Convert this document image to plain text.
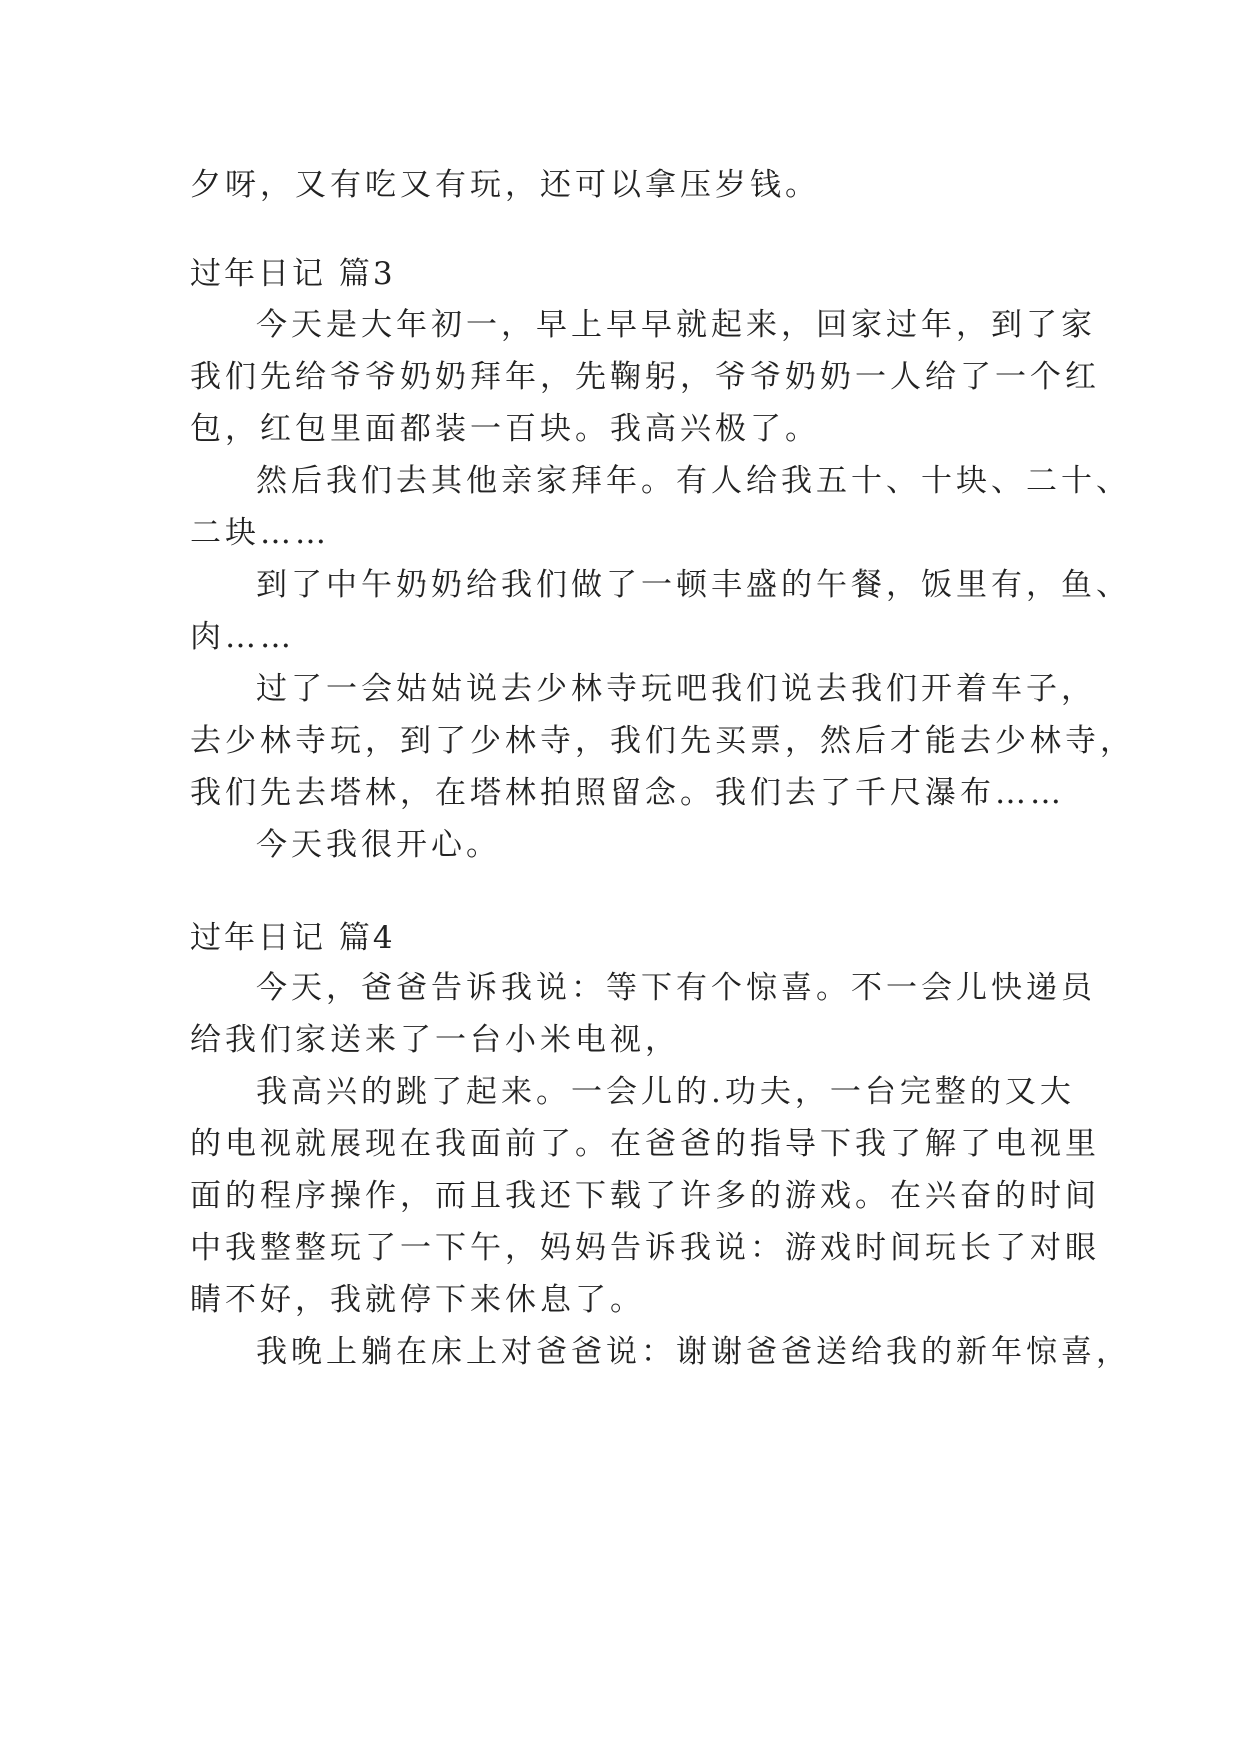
夕呀，又有吃又有玩，还可以拿压岁钱。
过年日记 篇3
今天是大年初一，早上早早就起来，回家过年，到了家
我们先给爷爷奶奶拜年，先鞠躬，爷爷奶奶一人给了一个红
包，红包里面都装一百块。我高兴极了。
然后我们去其他亲家拜年。有人给我五十、十块、二十、
二块……
到了中午奶奶给我们做了一顿丰盛的午餐，饭里有，鱼、
肉……
过了一会姑姑说去少林寺玩吧我们说去我们开着车子，
去少林寺玩，到了少林寺，我们先买票，然后才能去少林寺，
我们先去塔林，在塔林拍照留念。我们去了千尺瀑布……
今天我很开心。
过年日记 篇4
今天，爸爸告诉我说：等下有个惊喜。不一会儿快递员
给我们家送来了一台小米电视，
我高兴的跳了起来。一会儿的.功夫，一台完整的又大
的电视就展现在我面前了。在爸爸的指导下我了解了电视里
面的程序操作，而且我还下载了许多的游戏。在兴奋的时间
中我整整玩了一下午，妈妈告诉我说：游戏时间玩长了对眼
睛不好，我就停下来休息了。
我晚上躺在床上对爸爸说：谢谢爸爸送给我的新年惊喜，
